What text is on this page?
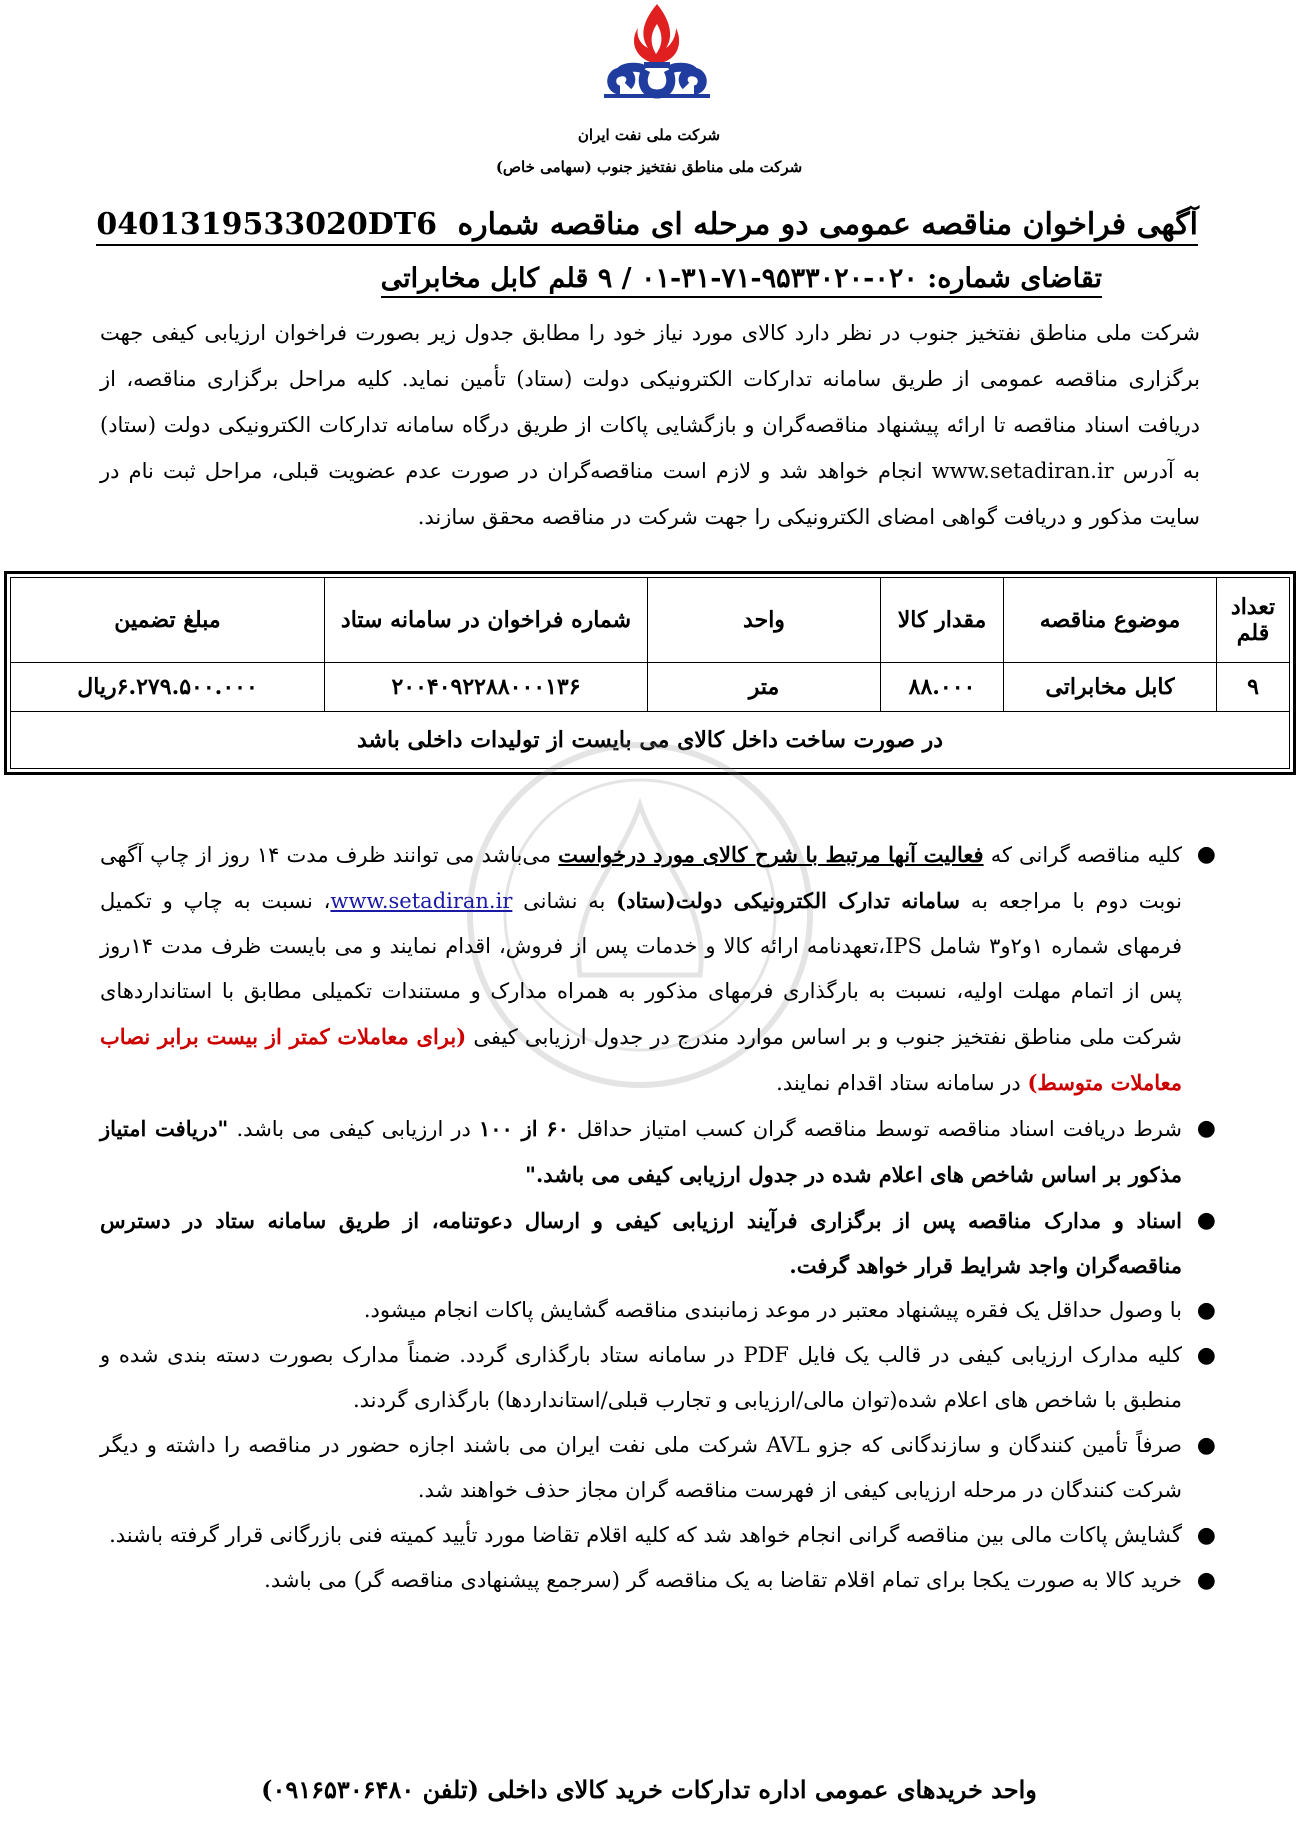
شرکت ملی نفت ایران
شرکت ملی مناطق نفتخیز جنوب (سهامی خاص)
آگهی فراخوان مناقصه عمومی دو مرحله ای مناقصه شماره 0401319533020DT6
تقاضای شماره: ۰۲۰-۹۵۳۳۰۲۰-۷۱-۳۱-۰۱ / ۹ قلم کابل مخابراتی
شرکت ملی مناطق نفتخیز جنوب در نظر دارد کالای مورد نیاز خود را مطابق جدول زیر بصورت فراخوان ارزیابی کیفی جهت برگزاری مناقصه عمومی از طریق سامانه تدارکات الکترونیکی دولت (ستاد) تأمین نماید. کلیه مراحل برگزاری مناقصه، از دریافت اسناد مناقصه تا ارائه پیشنهاد مناقصه‌گران و بازگشایی پاکات از طریق درگاه سامانه تدارکات الکترونیکی دولت (ستاد) به آدرس www.setadiran.ir انجام خواهد شد و لازم است مناقصه‌گران در صورت عدم عضویت قبلی، مراحل ثبت نام در سایت مذکور و دریافت گواهی امضای الکترونیکی را جهت شرکت در مناقصه محقق سازند.
تعداد قلم	موضوع مناقصه	مقدار کالا	واحد	شماره فراخوان در سامانه ستاد	مبلغ تضمین
۹	کابل مخابراتی	۸۸.۰۰۰	متر	۲۰۰۴۰۹۲۲۸۸۰۰۰۱۳۶	۶.۲۷۹.۵۰۰.۰۰۰ریال
در صورت ساخت داخل کالای می بایست از تولیدات داخلی باشد					
●
کلیه مناقصه گرانی که فعالیت آنها مرتبط با شرح کالای مورد درخواست می‌باشد می توانند ظرف مدت ۱۴ روز از چاپ آگهی نوبت دوم با مراجعه به سامانه تدارک الکترونیکی دولت(ستاد) به نشانی www.setadiran.ir، نسبت به چاپ و تکمیل فرمهای شماره ۱و۲و۳ شامل IPS،تعهدنامه ارائه کالا و خدمات پس از فروش، اقدام نمایند و می بایست ظرف مدت ۱۴روز پس از اتمام مهلت اولیه، نسبت به بارگذاری فرمهای مذکور به همراه مدارک و مستندات تکمیلی مطابق با استانداردهای شرکت ملی مناطق نفتخیز جنوب و بر اساس موارد مندرج در جدول ارزیابی کیفی (برای معاملات کمتر از بیست برابر نصاب معاملات متوسط) در سامانه ستاد اقدام نمایند.
●
شرط دریافت اسناد مناقصه توسط مناقصه گران کسب امتیاز حداقل ۶۰ از ۱۰۰ در ارزیابی کیفی می باشد. "دریافت امتیاز مذکور بر اساس شاخص های اعلام شده در جدول ارزیابی کیفی می باشد."
●
اسناد و مدارک مناقصه پس از برگزاری فرآیند ارزیابی کیفی و ارسال دعوتنامه، از طریق سامانه ستاد در دسترس مناقصه‌گران واجد شرایط قرار خواهد گرفت.
●
با وصول حداقل یک فقره پیشنهاد معتبر در موعد زمانبندی مناقصه گشایش پاکات انجام میشود.
●
کلیه مدارک ارزیابی کیفی در قالب یک فایل PDF در سامانه ستاد بارگذاری گردد. ضمناً مدارک بصورت دسته بندی شده و منطبق با شاخص های اعلام شده(توان مالی/ارزیابی و تجارب قبلی/استانداردها) بارگذاری گردند.
●
صرفاً تأمین کنندگان و سازندگانی که جزو AVL شرکت ملی نفت ایران می باشند اجازه حضور در مناقصه را داشته و دیگر شرکت کنندگان در مرحله ارزیابی کیفی از فهرست مناقصه گران مجاز حذف خواهند شد.
●
گشایش پاکات مالی بین مناقصه گرانی انجام خواهد شد که کلیه اقلام تقاضا مورد تأیید کمیته فنی بازرگانی قرار گرفته باشند.
●
خرید کالا به صورت یکجا برای تمام اقلام تقاضا به یک مناقصه گر (سرجمع پیشنهادی مناقصه گر) می باشد.
واحد خریدهای عمومی اداره تدارکات خرید کالای داخلی (تلفن ۰۹۱۶۵۳۰۶۴۸۰)
